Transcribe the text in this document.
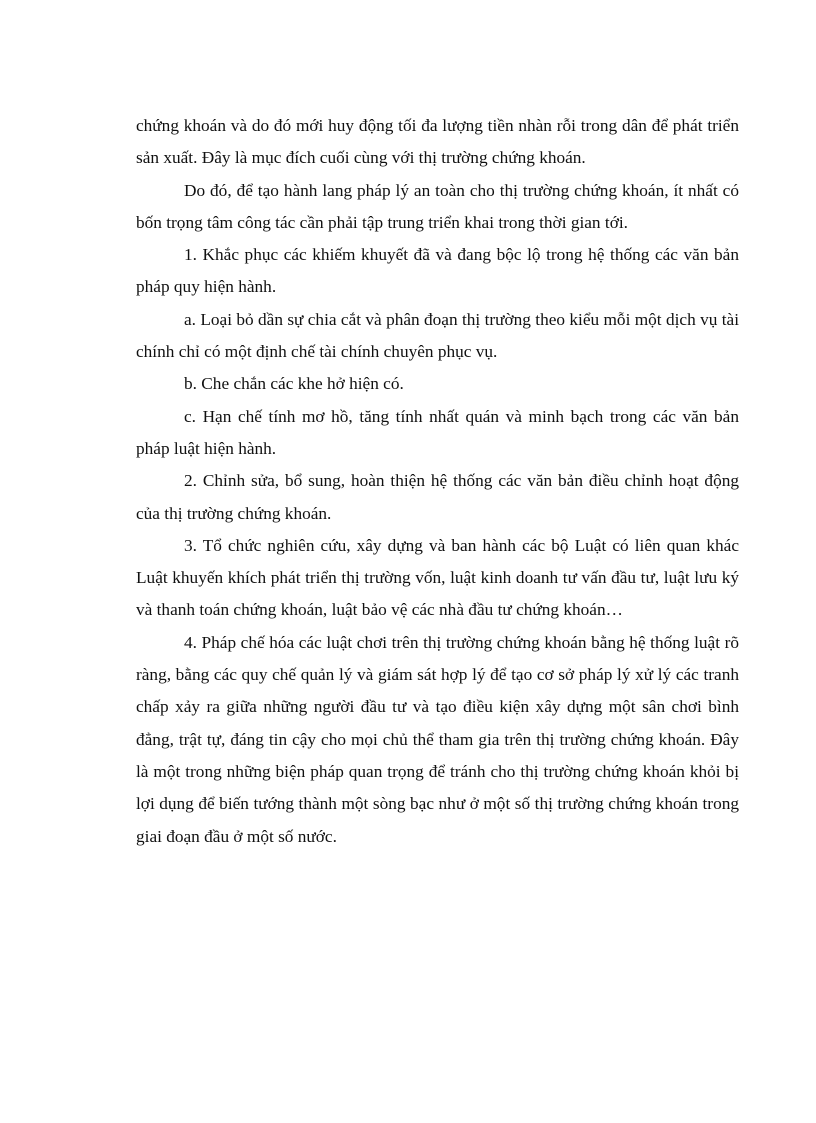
chứng khoán và do đó mới huy động tối đa lượng tiền nhàn rỗi trong dân để phát triển sản xuất. Đây là mục đích cuối cùng với thị trường chứng khoán.

Do đó, để tạo hành lang pháp lý an toàn cho thị trường chứng khoán, ít nhất có bốn trọng tâm công tác cần phải tập trung triển khai trong thời gian tới.

1. Khắc phục các khiếm khuyết đã và đang bộc lộ trong hệ thống các văn bản pháp quy hiện hành.

a. Loại bỏ dần sự chia cắt và phân đoạn thị trường theo kiểu mỗi một dịch vụ tài chính chỉ có một định chế tài chính chuyên phục vụ.

b. Che chắn các khe hở hiện có.

c. Hạn chế tính mơ hồ, tăng tính nhất quán và minh bạch trong các văn bản pháp luật hiện hành.

2. Chỉnh sửa, bổ sung, hoàn thiện hệ thống các văn bản điều chỉnh hoạt động của thị trường chứng khoán.

3. Tổ chức nghiên cứu, xây dựng và ban hành các bộ Luật có liên quan khác Luật khuyến khích phát triển thị trường vốn, luật kinh doanh tư vấn đầu tư, luật lưu ký và thanh toán chứng khoán, luật bảo vệ các nhà đầu tư chứng khoán…

4. Pháp chế hóa các luật chơi trên thị trường chứng khoán bằng hệ thống luật rõ ràng, bằng các quy chế quản lý và giám sát hợp lý để tạo cơ sở pháp lý xử lý các tranh chấp xảy ra giữa những người đầu tư và tạo điều kiện xây dựng một sân chơi bình đẳng, trật tự, đáng tin cậy cho mọi chủ thể tham gia trên thị trường chứng khoán. Đây là một trong những biện pháp quan trọng để tránh cho thị trường chứng khoán khỏi bị lợi dụng để biến tướng thành một sòng bạc như ở một số thị trường chứng khoán trong giai đoạn đầu ở một số nước.
